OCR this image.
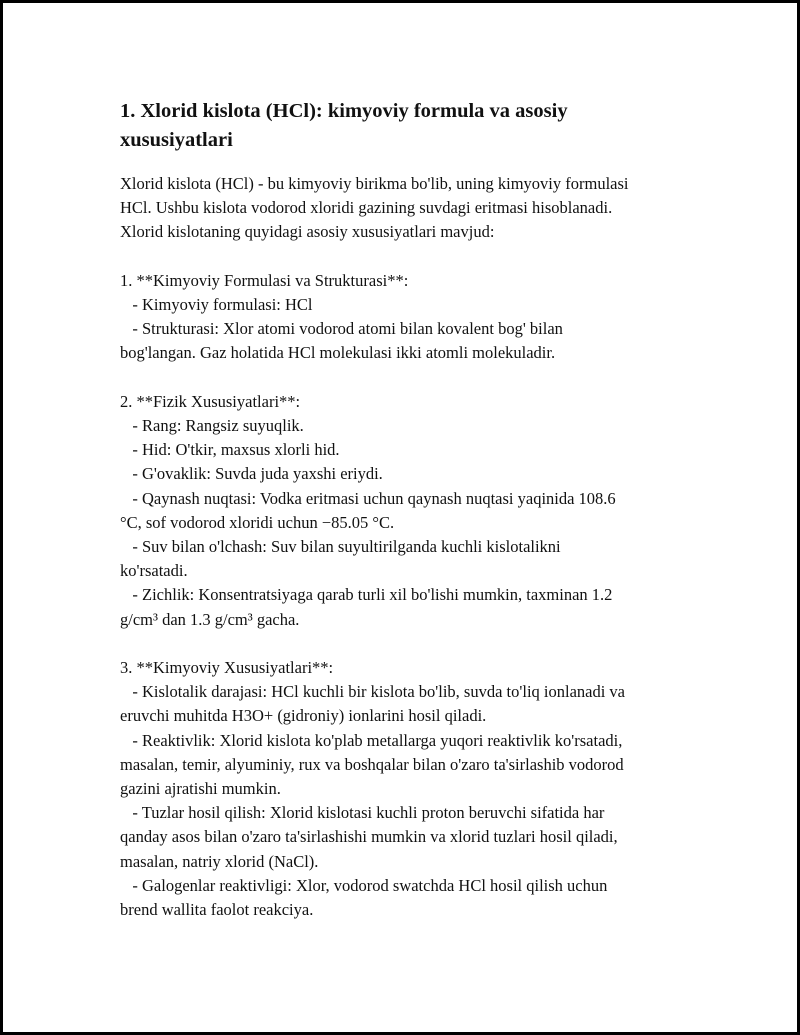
1. Xlorid kislota (HCl): kimyoviy formula va asosiy
xususiyatlari
Xlorid kislota (HCl) - bu kimyoviy birikma bo'lib, uning kimyoviy formulasi
HCl. Ushbu kislota vodorod xloridi gazining suvdagi eritmasi hisoblanadi.
Xlorid kislotaning quyidagi asosiy xususiyatlari mavjud:
1. **Kimyoviy Formulasi va Strukturasi**:
- Kimyoviy formulasi: HCl
- Strukturasi: Xlor atomi vodorod atomi bilan kovalent bog' bilan
bog'langan. Gaz holatida HCl molekulasi ikki atomli molekuladir.
2. **Fizik Xususiyatlari**:
- Rang: Rangsiz suyuqlik.
- Hid: O'tkir, maxsus xlorli hid.
- G'ovaklik: Suvda juda yaxshi eriydi.
- Qaynash nuqtasi: Vodka eritmasi uchun qaynash nuqtasi yaqinida 108.6
°C, sof vodorod xloridi uchun −85.05 °C.
- Suv bilan o'lchash: Suv bilan suyultirilganda kuchli kislotalikni
ko'rsatadi.
- Zichlik: Konsentratsiyaga qarab turli xil bo'lishi mumkin, taxminan 1.2
g/cm³ dan 1.3 g/cm³ gacha.
3. **Kimyoviy Xususiyatlari**:
- Kislotalik darajasi: HCl kuchli bir kislota bo'lib, suvda to'liq ionlanadi va
eruvchi muhitda H3O+ (gidroniy) ionlarini hosil qiladi.
- Reaktivlik: Xlorid kislota ko'plab metallarga yuqori reaktivlik ko'rsatadi,
masalan, temir, alyuminiy, rux va boshqalar bilan o'zaro ta'sirlashib vodorod
gazini ajratishi mumkin.
- Tuzlar hosil qilish: Xlorid kislotasi kuchli proton beruvchi sifatida har
qanday asos bilan o'zaro ta'sirlashishi mumkin va xlorid tuzlari hosil qiladi,
masalan, natriy xlorid (NaCl).
- Galogenlar reaktivligi: Xlor, vodorod swatchda HCl hosil qilish uchun
brend wallita faolot reakciya.
